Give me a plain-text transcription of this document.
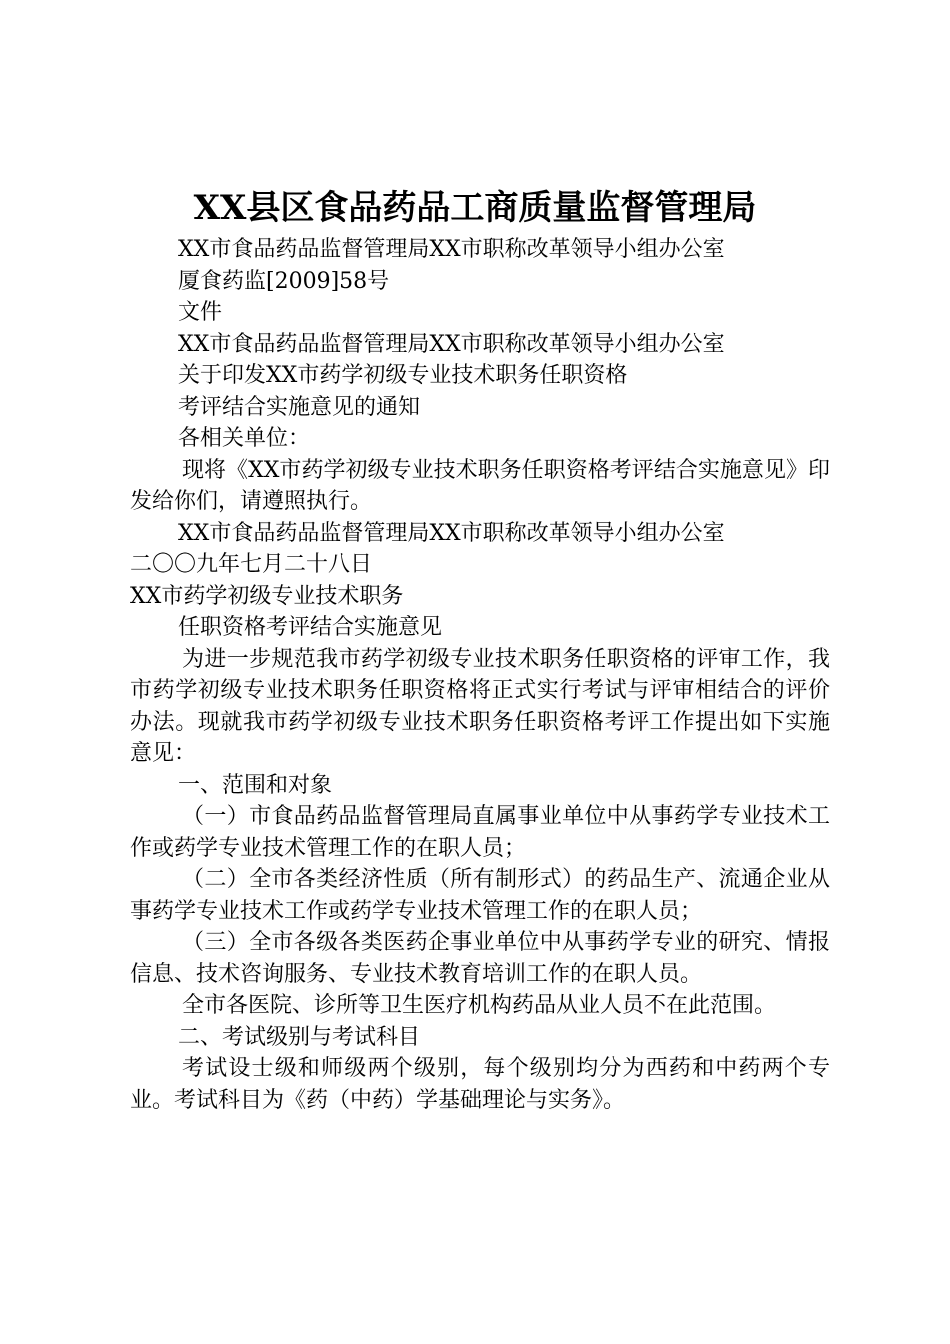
XX县区食品药品工商质量监督管理局

XX市食品药品监督管理局XX市职称改革领导小组办公室

厦食药监[2009]58号

文件

XX市食品药品监督管理局XX市职称改革领导小组办公室

关于印发XX市药学初级专业技术职务任职资格

考评结合实施意见的通知

各相关单位：

现将《XX市药学初级专业技术职务任职资格考评结合实施意见》印发给你们，请遵照执行。

XX市食品药品监督管理局XX市职称改革领导小组办公室

二〇〇九年七月二十八日

XX市药学初级专业技术职务

任职资格考评结合实施意见

为进一步规范我市药学初级专业技术职务任职资格的评审工作，我市药学初级专业技术职务任职资格将正式实行考试与评审相结合的评价办法。现就我市药学初级专业技术职务任职资格考评工作提出如下实施意见：

一、范围和对象

（一）市食品药品监督管理局直属事业单位中从事药学专业技术工作或药学专业技术管理工作的在职人员；

（二）全市各类经济性质（所有制形式）的药品生产、流通企业从事药学专业技术工作或药学专业技术管理工作的在职人员；

（三）全市各级各类医药企事业单位中从事药学专业的研究、情报信息、技术咨询服务、专业技术教育培训工作的在职人员。

全市各医院、诊所等卫生医疗机构药品从业人员不在此范围。

二、考试级别与考试科目

考试设士级和师级两个级别，每个级别均分为西药和中药两个专业。考试科目为《药（中药）学基础理论与实务》。
